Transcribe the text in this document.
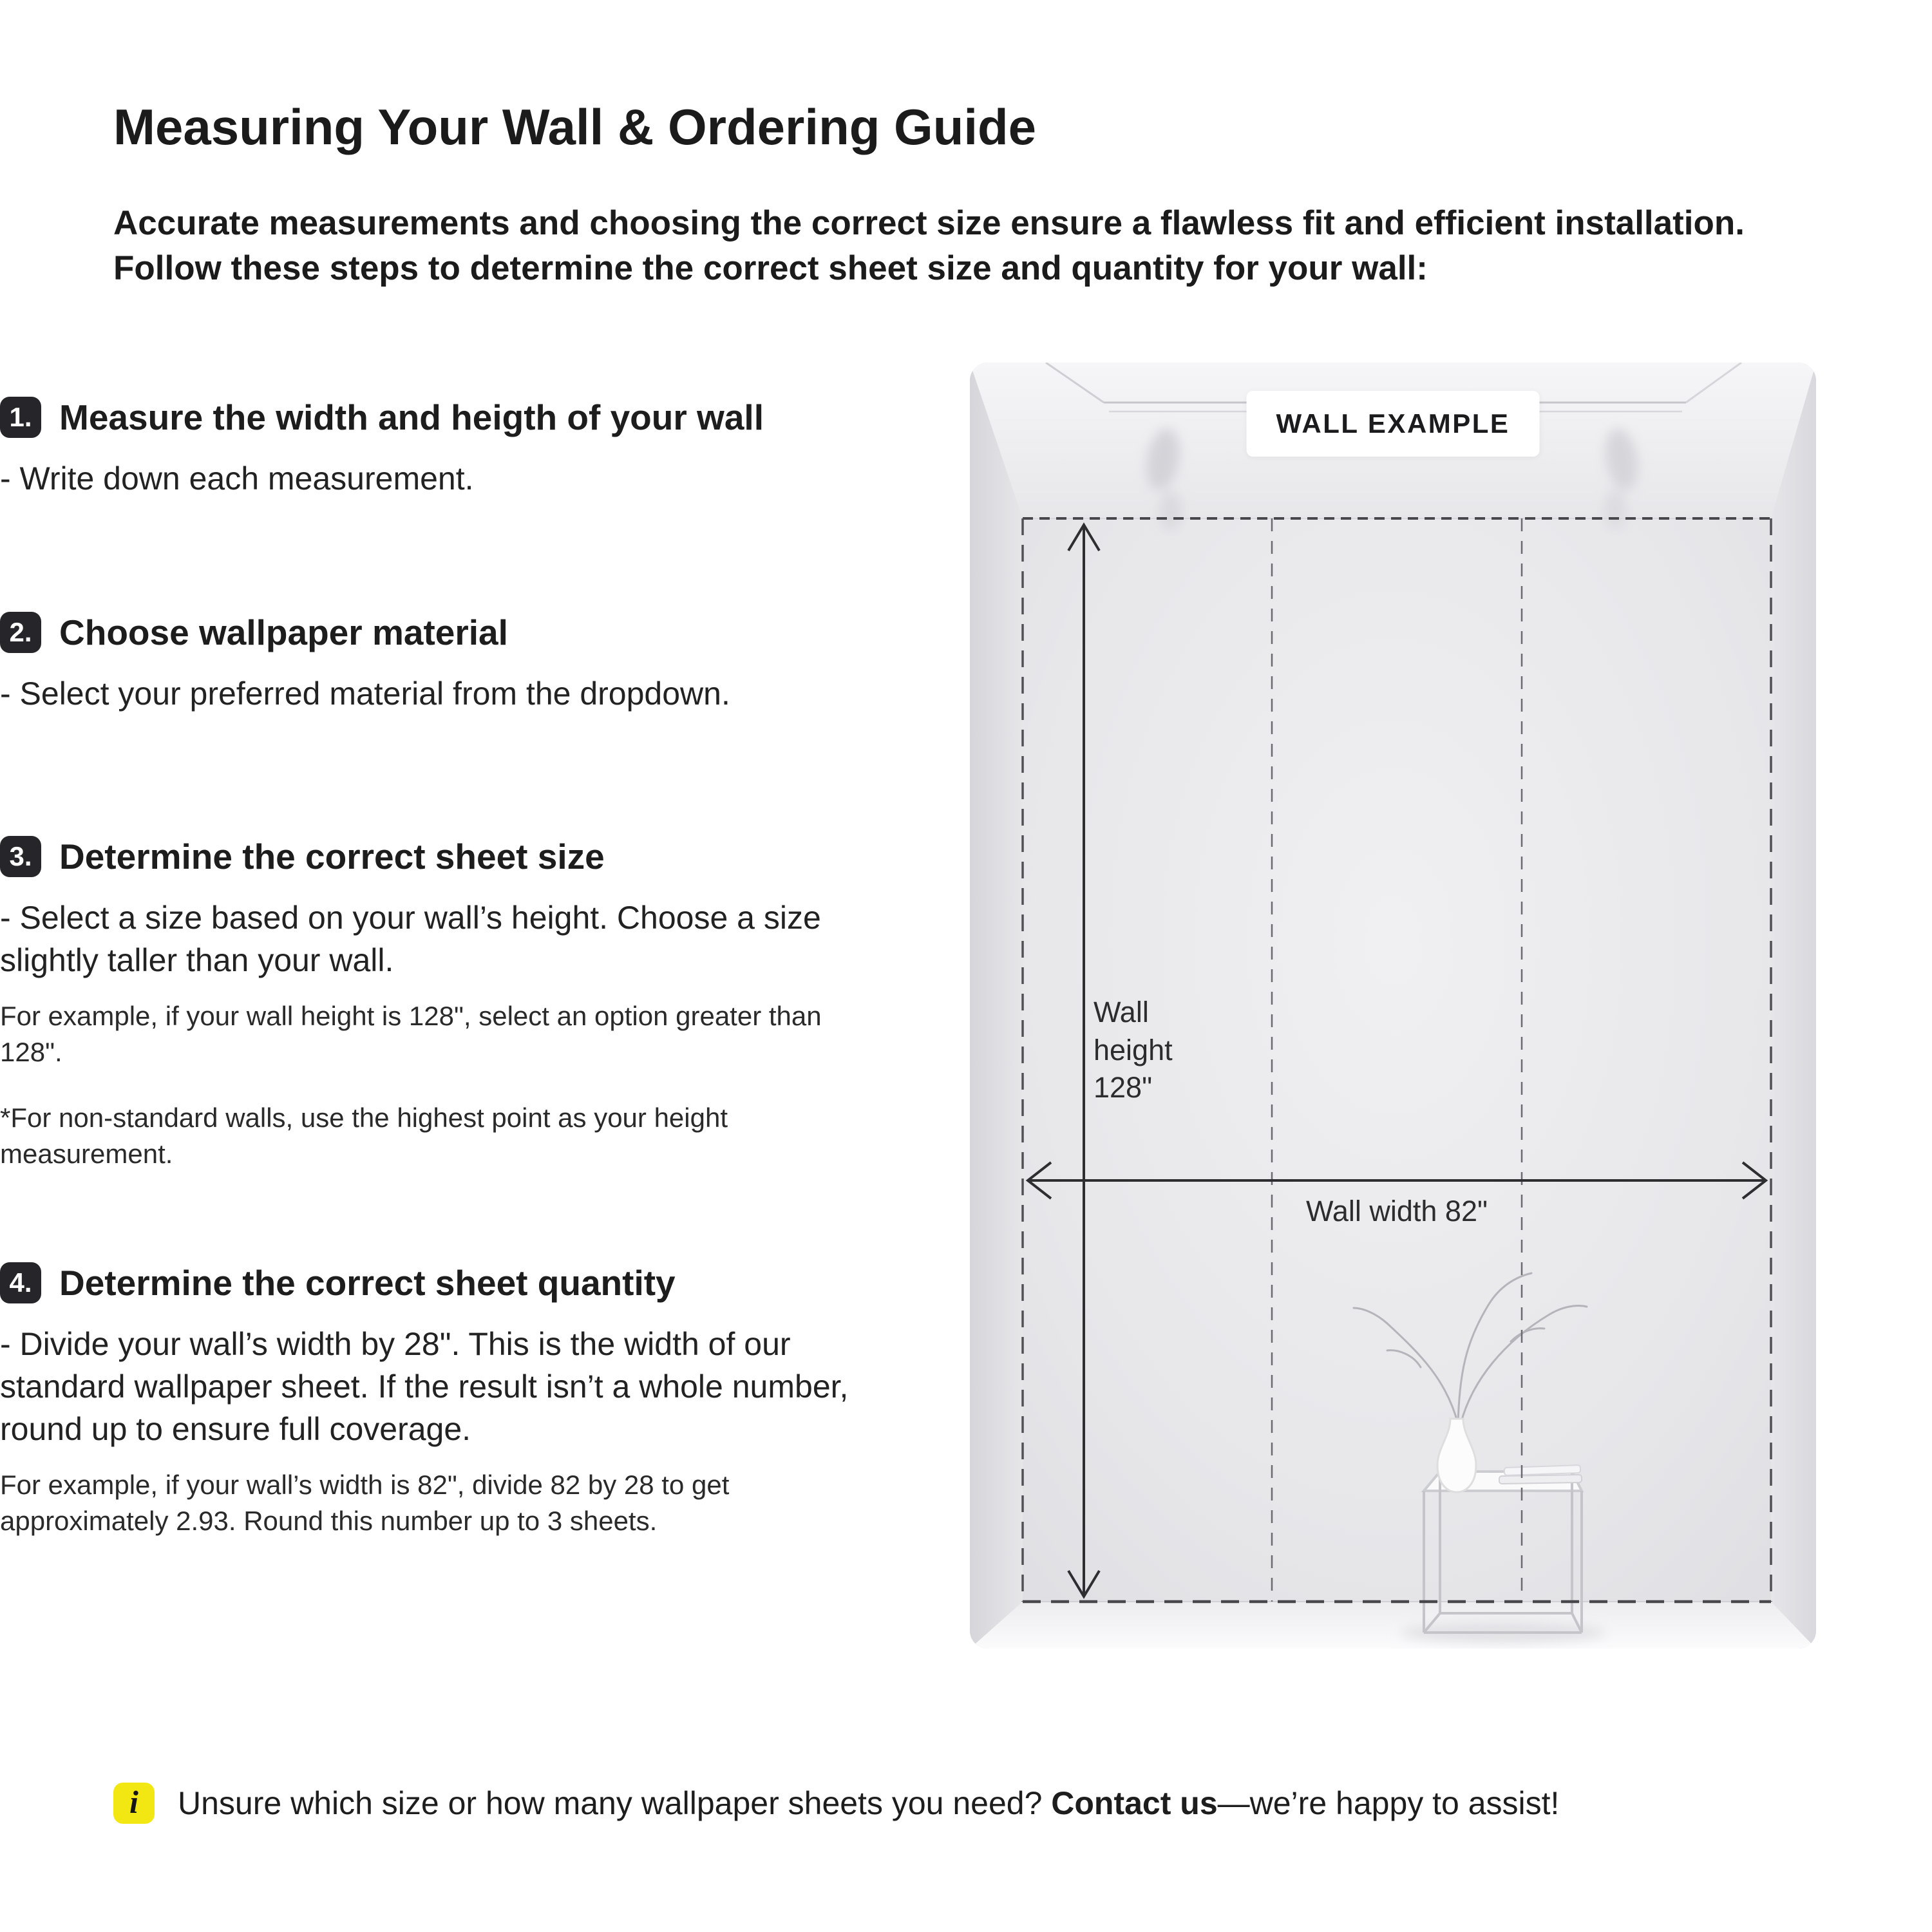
Measuring Your Wall & Ordering Guide
Accurate measurements and choosing the correct size ensure a flawless fit and efficient installation.
Follow these steps to determine the correct sheet size and quantity for your wall:
1. Measure the width and heigth of your wall

- Write down each measurement.

2. Choose wallpaper material

- Select your preferred material from the dropdown.

3. Determine the correct sheet size

- Select a size based on your wall’s height. Choose a size slightly taller than your wall.

For example, if your wall height is 128", select an option greater than 128".

*For non-standard walls, use the highest point as your height measurement.

4. Determine the correct sheet quantity

- Divide your wall’s width by 28". This is the width of our standard wallpaper sheet. If the result isn’t a whole number, round up to ensure full coverage.

For example, if your wall’s width is 82", divide 82 by 28 to get approximately 2.93. Round this number up to 3 sheets.

WALL EXAMPLE
Wall height 128"
Wall width 82"
i	Unsure which size or how many wallpaper sheets you need? Contact us—we’re happy to assist!
